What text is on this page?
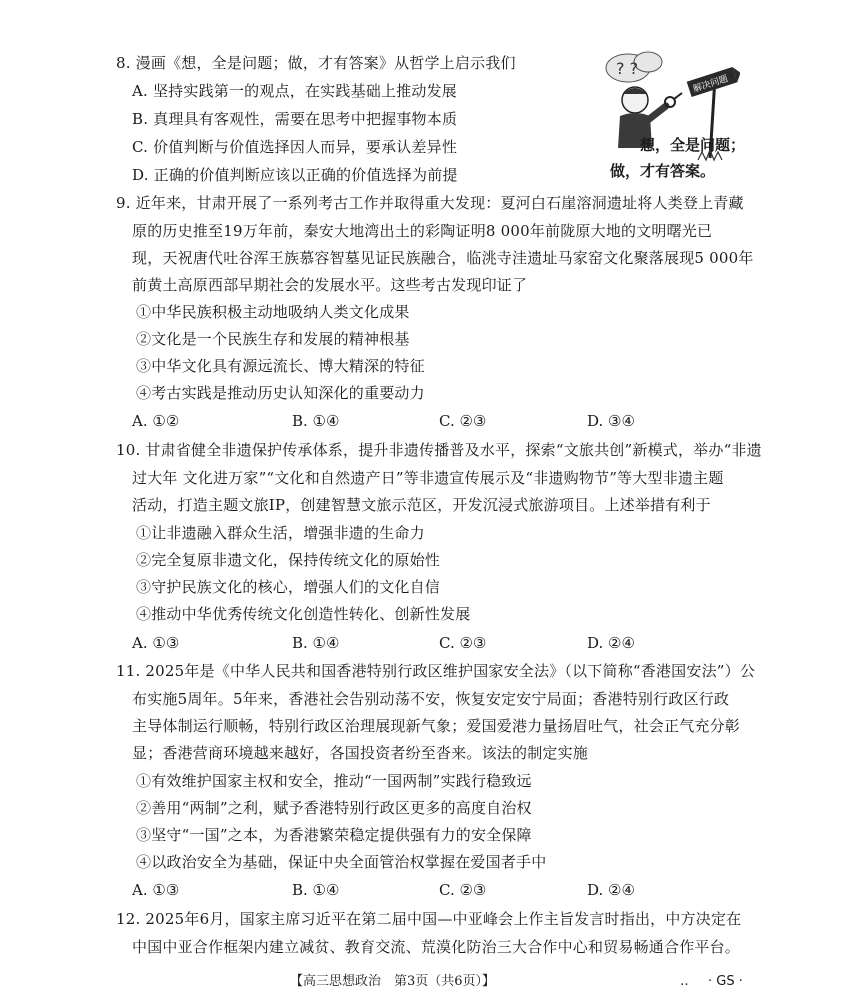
8. 漫画《想，全是问题；做，才有答案》从哲学上启示我们
A. 坚持实践第一的观点，在实践基础上推动发展
B. 真理具有客观性，需要在思考中把握事物本质
C. 价值判断与价值选择因人而异，要承认差异性
D. 正确的价值判断应该以正确的价值选择为前提
? ?
解决问题
想，全是问题；
做，才有答案。
9. 近年来，甘肃开展了一系列考古工作并取得重大发现：夏河白石崖溶洞遗址将人类登上青藏
原的历史推至19万年前，秦安大地湾出土的彩陶证明8 000年前陇原大地的文明曙光已
现，天祝唐代吐谷浑王族慕容智墓见证民族融合，临洮寺洼遗址马家窑文化聚落展现5 000年
前黄土高原西部早期社会的发展水平。这些考古发现印证了
①中华民族积极主动地吸纳人类文化成果
②文化是一个民族生存和发展的精神根基
③中华文化具有源远流长、博大精深的特征
④考古实践是推动历史认知深化的重要动力
A. ①②	B. ①④	C. ②③	D. ③④
10. 甘肃省健全非遗保护传承体系，提升非遗传播普及水平，探索“文旅共创”新模式，举办“非遗
过大年 文化进万家”“文化和自然遗产日”等非遗宣传展示及“非遗购物节”等大型非遗主题
活动，打造主题文旅IP，创建智慧文旅示范区，开发沉浸式旅游项目。上述举措有利于
①让非遗融入群众生活，增强非遗的生命力
②完全复原非遗文化，保持传统文化的原始性
③守护民族文化的核心，增强人们的文化自信
④推动中华优秀传统文化创造性转化、创新性发展
A. ①③	B. ①④	C. ②③	D. ②④
11. 2025年是《中华人民共和国香港特别行政区维护国家安全法》（以下简称“香港国安法”）公
布实施5周年。5年来，香港社会告别动荡不安，恢复安定安宁局面；香港特别行政区行政
主导体制运行顺畅，特别行政区治理展现新气象；爱国爱港力量扬眉吐气，社会正气充分彰
显；香港营商环境越来越好，各国投资者纷至沓来。该法的制定实施
①有效维护国家主权和安全，推动“一国两制”实践行稳致远
②善用“两制”之利，赋予香港特别行政区更多的高度自治权
③坚守“一国”之本，为香港繁荣稳定提供强有力的安全保障
④以政治安全为基础，保证中央全面管治权掌握在爱国者手中
A. ①③	B. ①④	C. ②③	D. ②④
12. 2025年6月，国家主席习近平在第二届中国—中亚峰会上作主旨发言时指出，中方决定在
中国中亚合作框架内建立减贫、教育交流、荒漠化防治三大合作中心和贸易畅通合作平台。
【高三思想政治　第3页（共6页）】	‥ · GS ·
